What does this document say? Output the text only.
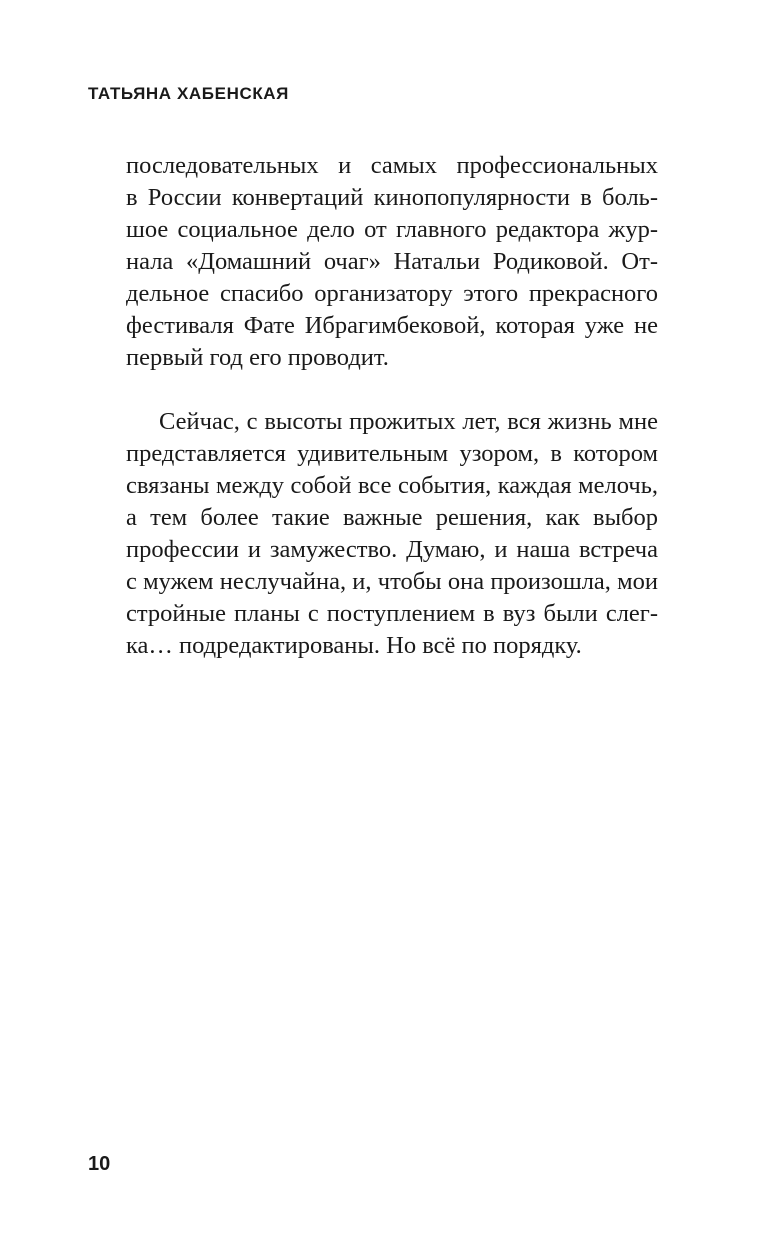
ТАТЬЯНА ХАБЕНСКАЯ

последовательных и самых профессиональных
в России конвертаций кинопопулярности в боль-
шое социальное дело от главного редактора жур-
нала «Домашний очаг» Натальи Родиковой. От-
дельное спасибо организатору этого прекрасного
фестиваля Фате Ибрагимбековой, которая уже не
первый год его проводит.
Сейчас, с высоты прожитых лет, вся жизнь мне
представляется удивительным узором, в котором
связаны между собой все события, каждая мелочь,
а тем более такие важные решения, как выбор
профессии и замужество. Думаю, и наша встреча
с мужем неслучайна, и, чтобы она произошла, мои
стройные планы с поступлением в вуз были слег-
ка… подредактированы. Но всё по порядку.

10
